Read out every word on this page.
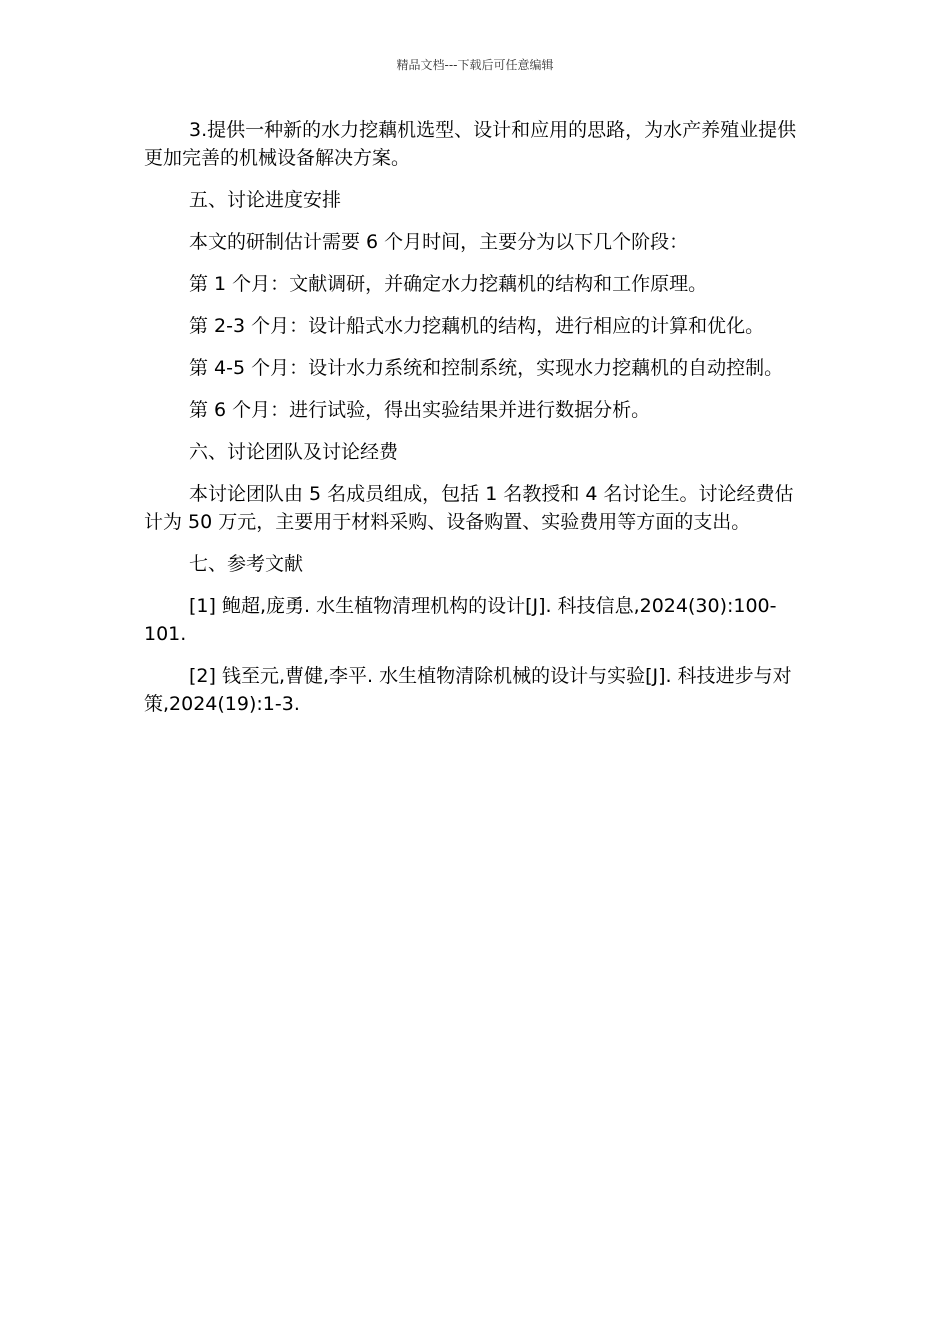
精品文档---下载后可任意编辑

3.提供一种新的水力挖藕机选型、设计和应用的思路，为水产养殖业提供更加完善的机械设备解决方案。

五、讨论进度安排

本文的研制估计需要 6 个月时间，主要分为以下几个阶段：

第 1 个月：文献调研，并确定水力挖藕机的结构和工作原理。

第 2-3 个月：设计船式水力挖藕机的结构，进行相应的计算和优化。

第 4-5 个月：设计水力系统和控制系统，实现水力挖藕机的自动控制。

第 6 个月：进行试验，得出实验结果并进行数据分析。

六、讨论团队及讨论经费

本讨论团队由 5 名成员组成，包括 1 名教授和 4 名讨论生。讨论经费估计为 50 万元，主要用于材料采购、设备购置、实验费用等方面的支出。

七、参考文献

[1] 鲍超,庞勇. 水生植物清理机构的设计[J]. 科技信息,2024(30):100-101.

[2] 钱至元,曹健,李平. 水生植物清除机械的设计与实验[J]. 科技进步与对策,2024(19):1-3.
